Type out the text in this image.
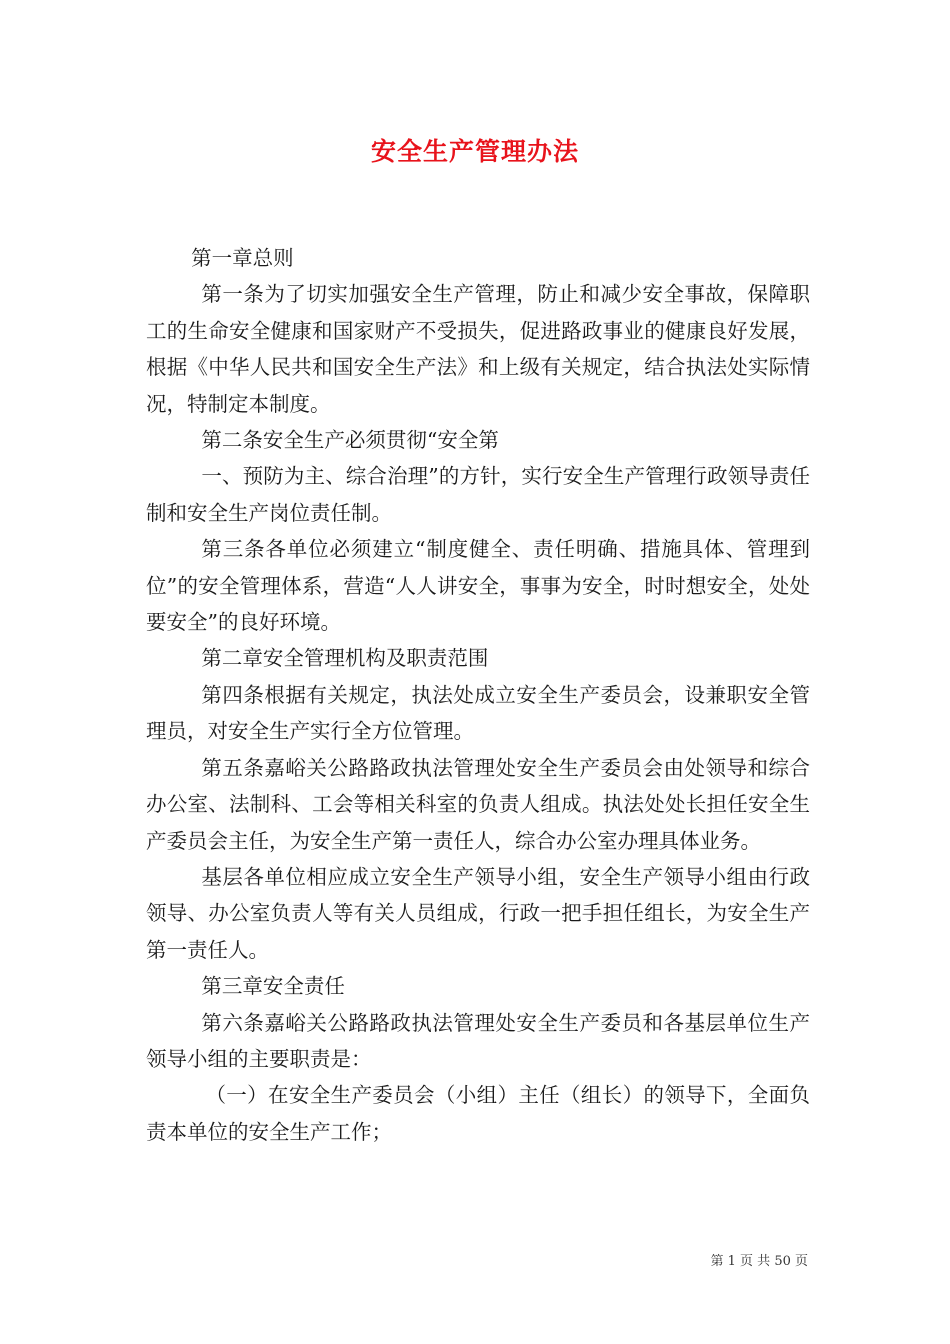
安全生产管理办法

第一章总则

第一条为了切实加强安全生产管理，防止和减少安全事故，保障职工的生命安全健康和国家财产不受损失，促进路政事业的健康良好发展，根据《中华人民共和国安全生产法》和上级有关规定，结合执法处实际情况，特制定本制度。

第二条安全生产必须贯彻“安全第

一、预防为主、综合治理”的方针，实行安全生产管理行政领导责任制和安全生产岗位责任制。

第三条各单位必须建立“制度健全、责任明确、措施具体、管理到位”的安全管理体系，营造“人人讲安全，事事为安全，时时想安全，处处要安全”的良好环境。

第二章安全管理机构及职责范围

第四条根据有关规定，执法处成立安全生产委员会，设兼职安全管理员，对安全生产实行全方位管理。

第五条嘉峪关公路路政执法管理处安全生产委员会由处领导和综合办公室、法制科、工会等相关科室的负责人组成。执法处处长担任安全生产委员会主任，为安全生产第一责任人，综合办公室办理具体业务。

基层各单位相应成立安全生产领导小组，安全生产领导小组由行政领导、办公室负责人等有关人员组成，行政一把手担任组长，为安全生产第一责任人。

第三章安全责任

第六条嘉峪关公路路政执法管理处安全生产委员和各基层单位生产领导小组的主要职责是：

（一）在安全生产委员会（小组）主任（组长）的领导下，全面负责本单位的安全生产工作；

第 1 页 共 50 页
